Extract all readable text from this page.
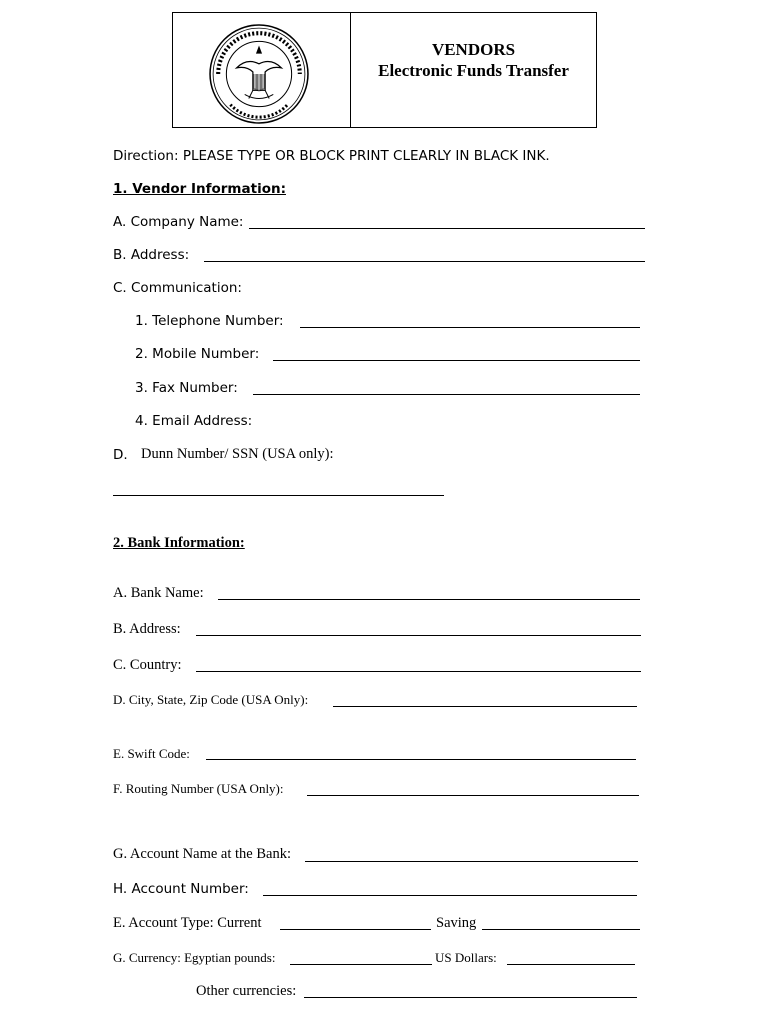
VENDORS
Electronic Funds Transfer
Direction: PLEASE TYPE OR BLOCK PRINT CLEARLY IN BLACK INK.
1. Vendor Information:
A. Company Name:
B. Address:
C. Communication:
1. Telephone Number:
2. Mobile Number:
3. Fax Number:
4. Email Address:
D. Dunn Number/ SSN (USA only):
2. Bank Information:
A. Bank Name:
B. Address:
C. Country:
D. City, State, Zip Code (USA Only):
E. Swift Code:
F. Routing Number (USA Only):
G. Account Name at the Bank:
H. Account Number:
E. Account Type: Current	Saving
G. Currency: Egyptian pounds:	US Dollars:
Other currencies:
